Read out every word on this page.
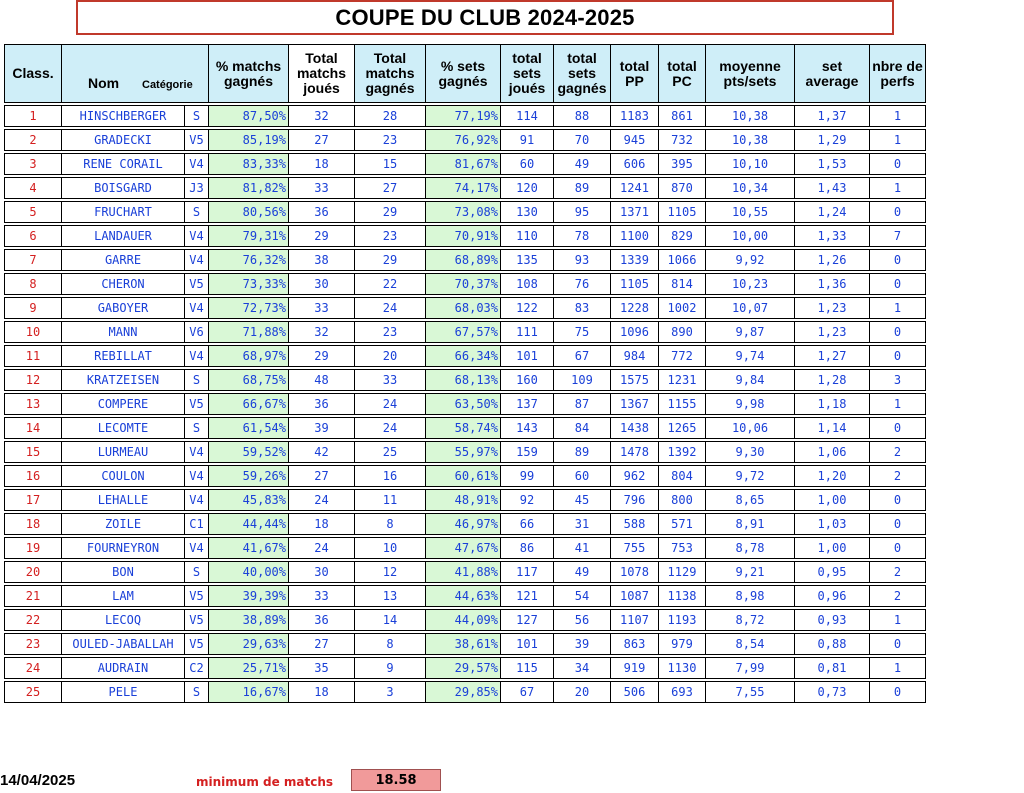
COUPE DU CLUB 2024-2025
Class.	Nom Catégorie		% matchs gagnés	Total matchs joués	Total matchs gagnés	% sets gagnés	total sets joués	total sets gagnés	total PP	total PC	moyenne pts/sets	set average	nbre de perfs

1	HINSCHBERGER	S	87,50%	32	28	77,19%	114	88	1183	861	10,38	1,37	1

2	GRADECKI	V5	85,19%	27	23	76,92%	91	70	945	732	10,38	1,29	1

3	RENE CORAIL	V4	83,33%	18	15	81,67%	60	49	606	395	10,10	1,53	0

4	BOISGARD	J3	81,82%	33	27	74,17%	120	89	1241	870	10,34	1,43	1

5	FRUCHART	S	80,56%	36	29	73,08%	130	95	1371	1105	10,55	1,24	0

6	LANDAUER	V4	79,31%	29	23	70,91%	110	78	1100	829	10,00	1,33	7

7	GARRE	V4	76,32%	38	29	68,89%	135	93	1339	1066	9,92	1,26	0

8	CHERON	V5	73,33%	30	22	70,37%	108	76	1105	814	10,23	1,36	0

9	GABOYER	V4	72,73%	33	24	68,03%	122	83	1228	1002	10,07	1,23	1

10	MANN	V6	71,88%	32	23	67,57%	111	75	1096	890	9,87	1,23	0

11	REBILLAT	V4	68,97%	29	20	66,34%	101	67	984	772	9,74	1,27	0

12	KRATZEISEN	S	68,75%	48	33	68,13%	160	109	1575	1231	9,84	1,28	3

13	COMPERE	V5	66,67%	36	24	63,50%	137	87	1367	1155	9,98	1,18	1

14	LECOMTE	S	61,54%	39	24	58,74%	143	84	1438	1265	10,06	1,14	0

15	LURMEAU	V4	59,52%	42	25	55,97%	159	89	1478	1392	9,30	1,06	2

16	COULON	V4	59,26%	27	16	60,61%	99	60	962	804	9,72	1,20	2

17	LEHALLE	V4	45,83%	24	11	48,91%	92	45	796	800	8,65	1,00	0

18	ZOILE	C1	44,44%	18	8	46,97%	66	31	588	571	8,91	1,03	0

19	FOURNEYRON	V4	41,67%	24	10	47,67%	86	41	755	753	8,78	1,00	0

20	BON	S	40,00%	30	12	41,88%	117	49	1078	1129	9,21	0,95	2

21	LAM	V5	39,39%	33	13	44,63%	121	54	1087	1138	8,98	0,96	2

22	LECOQ	V5	38,89%	36	14	44,09%	127	56	1107	1193	8,72	0,93	1

23	OULED-JABALLAH	V5	29,63%	27	8	38,61%	101	39	863	979	8,54	0,88	0

24	AUDRAIN	C2	25,71%	35	9	29,57%	115	34	919	1130	7,99	0,81	1

25	PELE	S	16,67%	18	3	29,85%	67	20	506	693	7,55	0,73	0
14/04/2025	minimum de matchs	18.58
